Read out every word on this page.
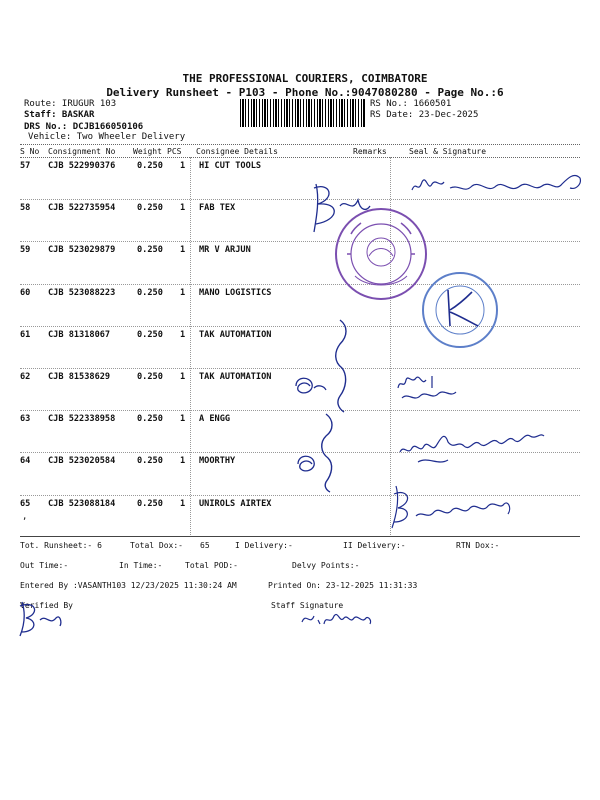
THE PROFESSIONAL COURIERS, COIMBATORE
Delivery Runsheet - P103 - Phone No.:9047080280 - Page No.:6
Route: IRUGUR 103
Staff: BASKAR
DRS No.: DCJB166050106
Vehicle: Two Wheeler Delivery
RS No.: 1660501
RS Date: 23-Dec-2025
S No Consignment No Weight PCS Consignee Details	Remarks	Seal & Signature
57 CJB 522990376	0.250 1 HI CUT TOOLS
58 CJB 522735954	0.250 1 FAB TEX
59 CJB 523029879	0.250 1 MR V ARJUN
60 CJB 523088223	0.250 1 MANO LOGISTICS
61 CJB 81318067	0.250 1 TAK AUTOMATION
62 CJB 81538629	0.250 1 TAK AUTOMATION
63 CJB 522338958	0.250 1 A ENGG
64 CJB 523020584	0.250 1 MOORTHY
65 CJB 523088184	0.250 1 UNIROLS AIRTEX
,
Tot. Runsheet:- 6	Total Dox:- 65	I Delivery:-	II Delivery:-	RTN Dox:-
Out Time:-	In Time:-	Total POD:-	Delvy Points:-
Entered By :VASANTH103 12/23/2025 11:30:24 AM	Printed On: 23-12-2025 11:31:33
Verified By	Staff Signature
